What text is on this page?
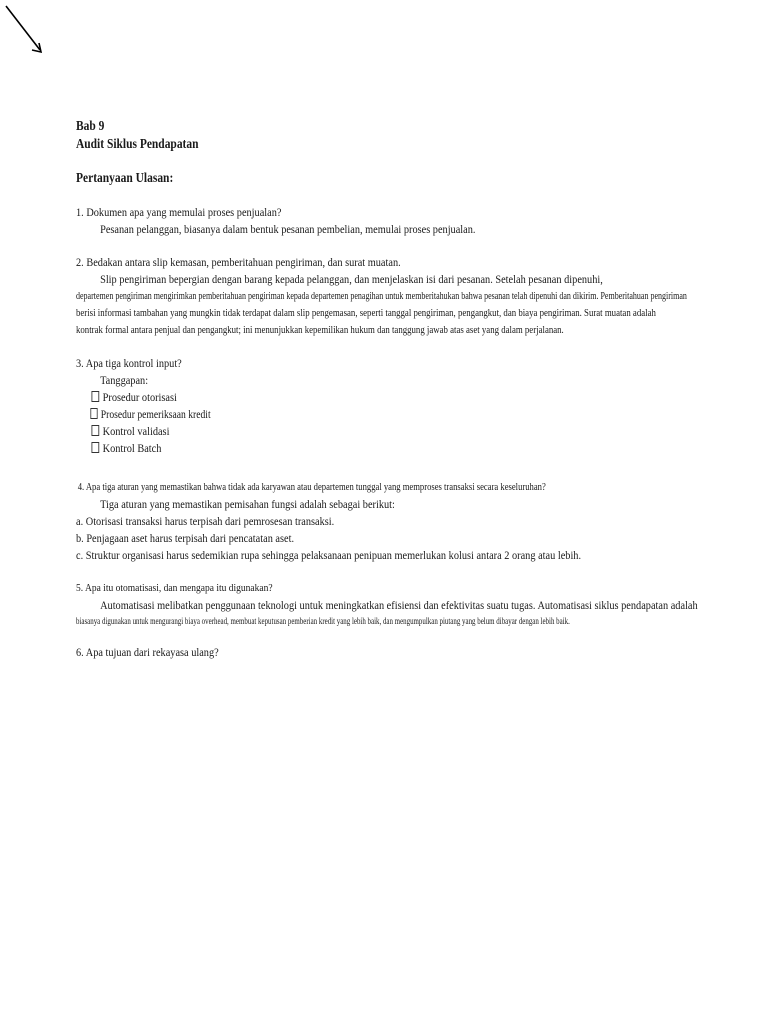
Bab 9
Audit Siklus Pendapatan
Pertanyaan Ulasan:
1. Dokumen apa yang memulai proses penjualan?
Pesanan pelanggan, biasanya dalam bentuk pesanan pembelian, memulai proses penjualan.
2. Bedakan antara slip kemasan, pemberitahuan pengiriman, dan surat muatan.
Slip pengiriman bepergian dengan barang kepada pelanggan, dan menjelaskan isi dari pesanan. Setelah pesanan dipenuhi,
departemen pengiriman mengirimkan pemberitahuan pengiriman kepada departemen penagihan untuk memberitahukan bahwa pesanan telah dipenuhi dan dikirim. Pemberitahuan pengiriman
berisi informasi tambahan yang mungkin tidak terdapat dalam slip pengemasan, seperti tanggal pengiriman, pengangkut, dan biaya pengiriman. Surat muatan adalah
kontrak formal antara penjual dan pengangkut; ini menunjukkan kepemilikan hukum dan tanggung jawab atas aset yang dalam perjalanan.
3. Apa tiga kontrol input?
Tanggapan:
Prosedur otorisasi
Prosedur pemeriksaan kredit
Kontrol validasi
Kontrol Batch
4. Apa tiga aturan yang memastikan bahwa tidak ada karyawan atau departemen tunggal yang memproses transaksi secara keseluruhan?
Tiga aturan yang memastikan pemisahan fungsi adalah sebagai berikut:
a. Otorisasi transaksi harus terpisah dari pemrosesan transaksi.
b. Penjagaan aset harus terpisah dari pencatatan aset.
c. Struktur organisasi harus sedemikian rupa sehingga pelaksanaan penipuan memerlukan kolusi antara 2 orang atau lebih.
5. Apa itu otomatisasi, dan mengapa itu digunakan?
Automatisasi melibatkan penggunaan teknologi untuk meningkatkan efisiensi dan efektivitas suatu tugas. Automatisasi siklus pendapatan adalah
biasanya digunakan untuk mengurangi biaya overhead, membuat keputusan pemberian kredit yang lebih baik, dan mengumpulkan piutang yang belum dibayar dengan lebih baik.
6. Apa tujuan dari rekayasa ulang?
